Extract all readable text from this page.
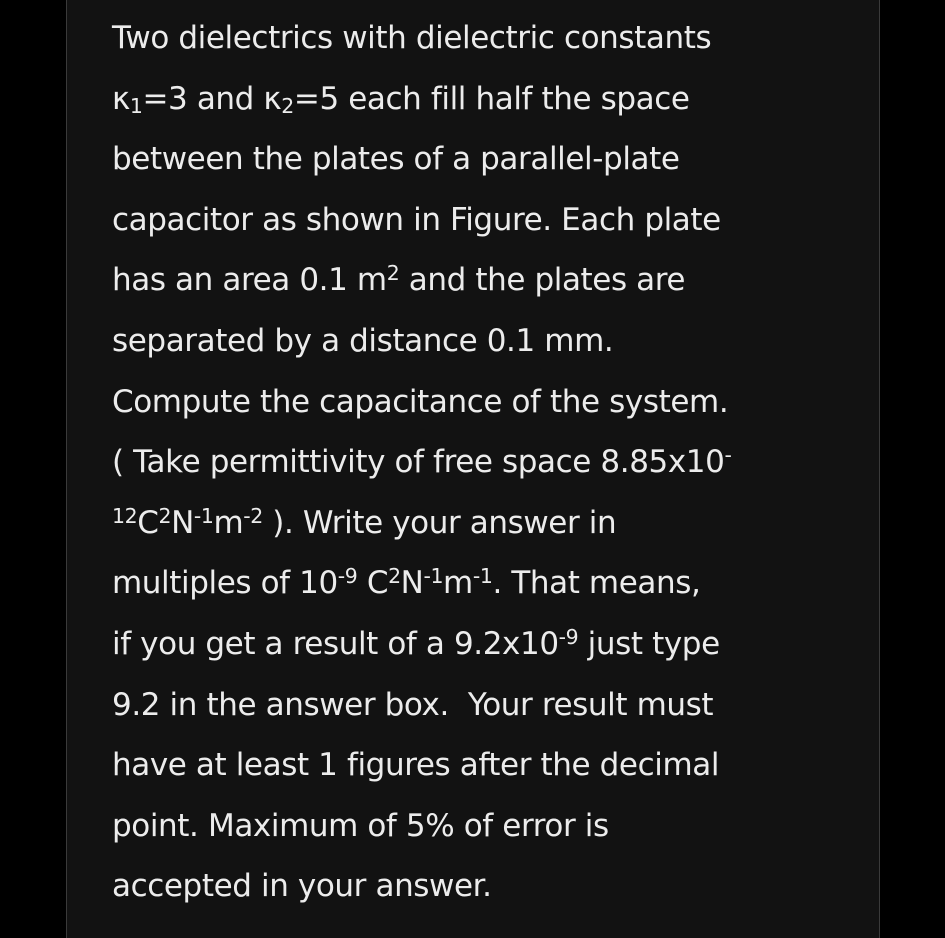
Two dielectrics with dielectric constants
$\kappa_1=3$ and $\kappa_2=5$ each fill half the space
between the plates of a parallel-plate
capacitor as shown in Figure. Each plate
has an area 0.1 $m^2$ and the plates are
separated by a distance 0.1 mm.
Compute the capacitance of the system.
( Take permittivity of free space 8.85x10-
$^{12}C^2N^{-1}m^{-2}$ ). Write your answer in
multiples of $10^{-9}$ $C^2N^{-1}m^{-1}$. That means,
if you get a result of a $9.2x10^{-9}$ just type
9.2 in the answer box.  Your result must
have at least 1 figures after the decimal
point. Maximum of 5% of error is
accepted in your answer.
